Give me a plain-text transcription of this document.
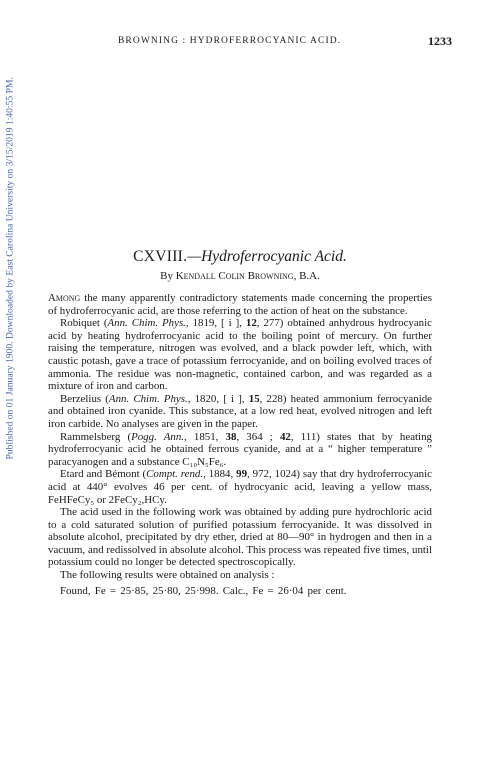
Published on 01 January 1900. Downloaded by East Carolina University on 3/15/2019 1:40:55 PM.
BROWNING : HYDROFERROCYANIC ACID.	1233
CXVIII.—Hydroferrocyanic Acid.
By Kendall Colin Browning, B.A.

Among the many apparently contradictory statements made concerning the properties of hydroferrocyanic acid, are those referring to the action of heat on the substance.

Robiquet (Ann. Chim. Phys., 1819, [ i ], 12, 277) obtained anhydrous hydrocyanic acid by heating hydroferrocyanic acid to the boiling point of mercury. On further raising the temperature, nitrogen was evolved, and a black powder left, which, with caustic potash, gave a trace of potassium ferrocyanide, and on boiling evolved traces of ammonia. The residue was non-magnetic, contained carbon, and was regarded as a mixture of iron and carbon.

Berzelius (Ann. Chim. Phys., 1820, [ i ], 15, 228) heated ammonium ferrocyanide and obtained iron cyanide. This substance, at a low red heat, evolved nitrogen and left iron carbide. No analyses are given in the paper.

Rammelsberg (Pogg. Ann., 1851, 38, 364 ; 42, 111) states that by heating hydroferrocyanic acid he obtained ferrous cyanide, and at a “ higher temperature ” paracyanogen and a substance C₁₀N₅Fe₆.

Etard and Bémont (Compt. rend., 1884, 99, 972, 1024) say that dry hydroferrocyanic acid at 440° evolves 46 per cent. of hydrocyanic acid, leaving a yellow mass, FeHFeCy₅ or 2FeCy₂,HCy.

The acid used in the following work was obtained by adding pure hydrochloric acid to a cold saturated solution of purified potassium ferrocyanide. It was dissolved in absolute alcohol, precipitated by dry ether, dried at 80—90° in hydrogen and then in a vacuum, and redissolved in absolute alcohol. This process was repeated five times, until potassium could no longer be detected spectroscopically.

The following results were obtained on analysis :

Found, Fe = 25·85, 25·80, 25·998. Calc., Fe = 26·04 per cent.
